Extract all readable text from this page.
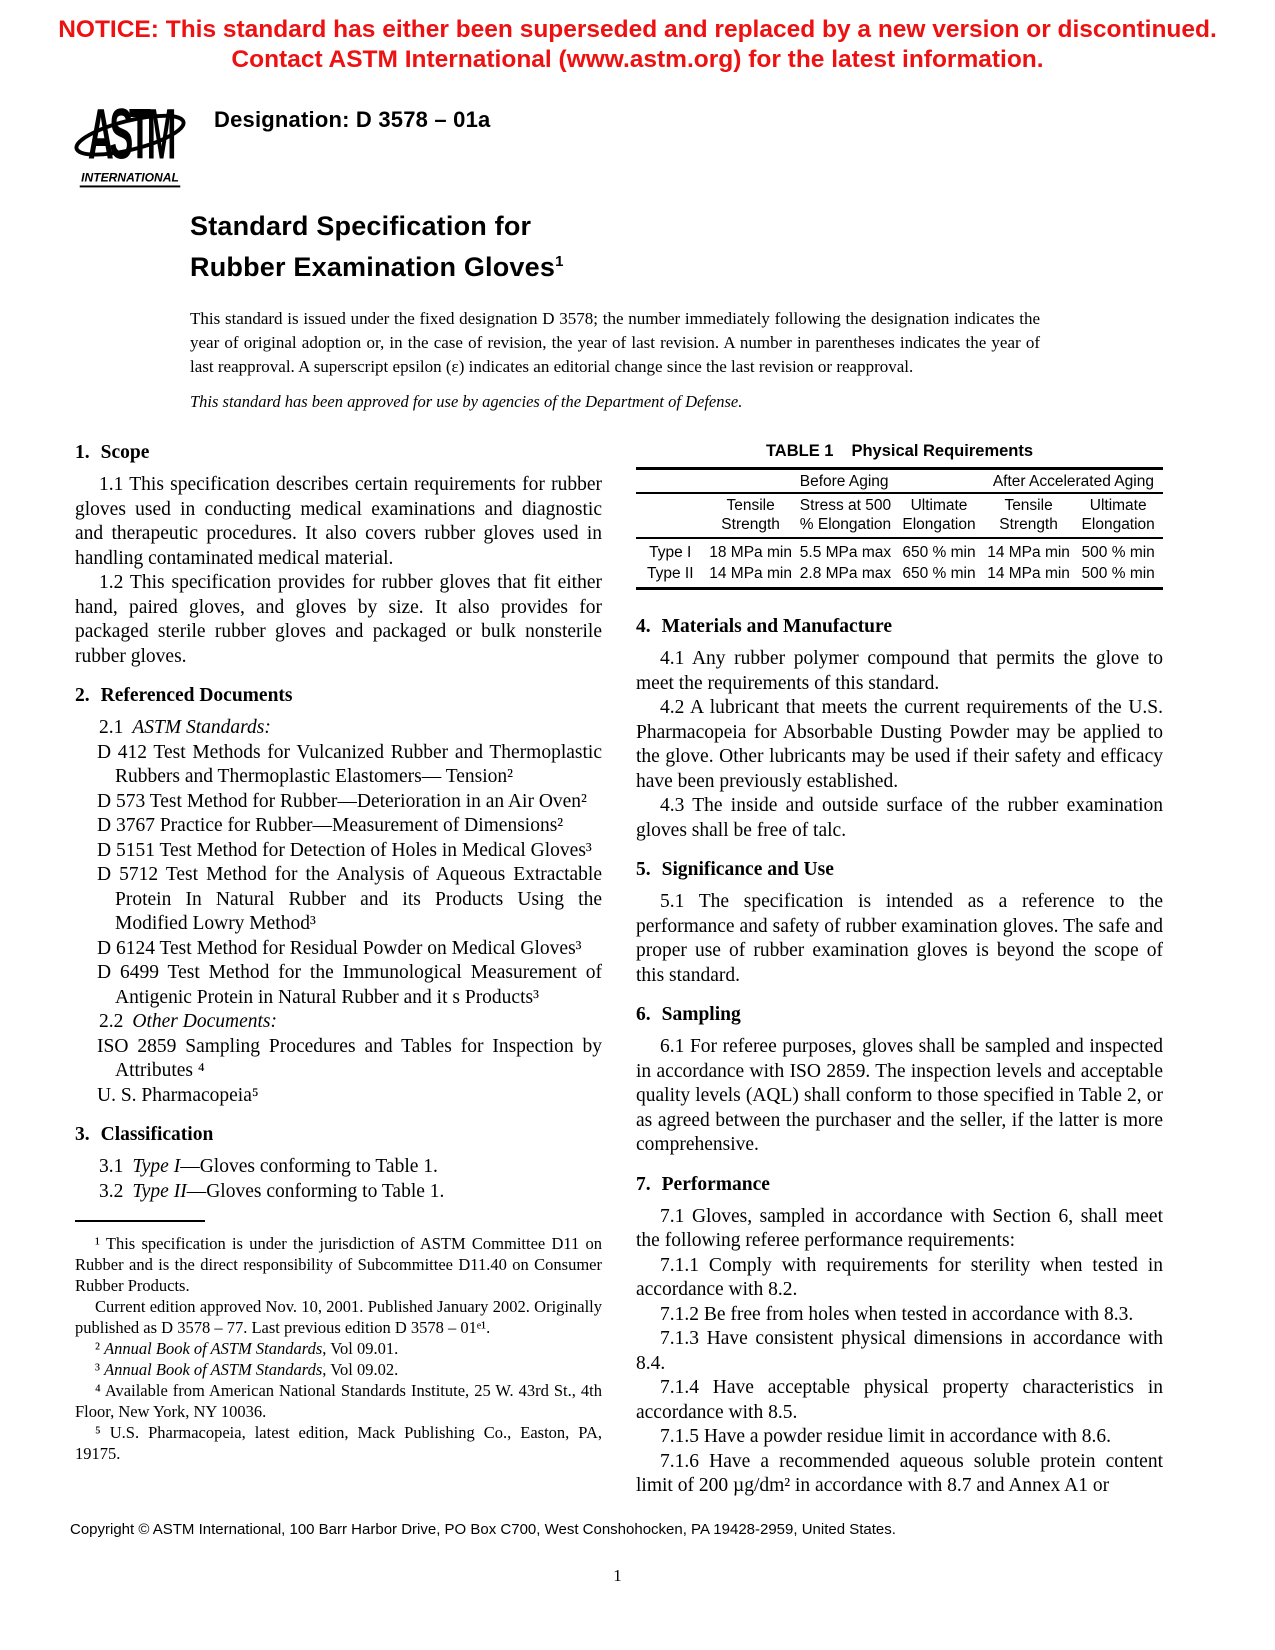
NOTICE: This standard has either been superseded and replaced by a new version or discontinued.
Contact ASTM International (www.astm.org) for the latest information.
ASTM
INTERNATIONAL
Designation: D 3578 – 01a
Standard Specification for
Rubber Examination Gloves$^1$
This standard is issued under the fixed designation D 3578; the number immediately following the designation indicates the year of original adoption or, in the case of revision, the year of last revision. A number in parentheses indicates the year of last reapproval. A superscript epsilon (ε) indicates an editorial change since the last revision or reapproval.
This standard has been approved for use by agencies of the Department of Defense.
1. Scope

1.1 This specification describes certain requirements for rubber gloves used in conducting medical examinations and diagnostic and therapeutic procedures. It also covers rubber gloves used in handling contaminated medical material.

1.2 This specification provides for rubber gloves that fit either hand, paired gloves, and gloves by size. It also provides for packaged sterile rubber gloves and packaged or bulk nonsterile rubber gloves.

2. Referenced Documents

2.1 ASTM Standards:

D 412 Test Methods for Vulcanized Rubber and Thermoplastic Rubbers and Thermoplastic Elastomers— Tension²

D 573 Test Method for Rubber—Deterioration in an Air Oven²

D 3767 Practice for Rubber—Measurement of Dimensions²

D 5151 Test Method for Detection of Holes in Medical Gloves³

D 5712 Test Method for the Analysis of Aqueous Extractable Protein In Natural Rubber and its Products Using the Modified Lowry Method³

D 6124 Test Method for Residual Powder on Medical Gloves³

D 6499 Test Method for the Immunological Measurement of Antigenic Protein in Natural Rubber and it s Products³

2.2 Other Documents:

ISO 2859 Sampling Procedures and Tables for Inspection by Attributes ⁴

U. S. Pharmacopeia⁵

3. Classification

3.1 Type I—Gloves conforming to Table 1.

3.2 Type II—Gloves conforming to Table 1.

¹ This specification is under the jurisdiction of ASTM Committee D11 on Rubber and is the direct responsibility of Subcommittee D11.40 on Consumer Rubber Products.

Current edition approved Nov. 10, 2001. Published January 2002. Originally published as D 3578 – 77. Last previous edition D 3578 – 01ᵉ¹.

² Annual Book of ASTM Standards, Vol 09.01.

³ Annual Book of ASTM Standards, Vol 09.02.

⁴ Available from American National Standards Institute, 25 W. 43rd St., 4th Floor, New York, NY 10036.

⁵ U.S. Pharmacopeia, latest edition, Mack Publishing Co., Easton, PA, 19175.

TABLE 1 Physical Requirements
	Before Aging			After Accelerated Aging	
	Tensile Strength	Stress at 500 % Elongation	Ultimate Elongation	Tensile Strength	Ultimate Elongation
Type I	18 MPa min	5.5 MPa max	650 % min	14 MPa min	500 % min
Type II	14 MPa min	2.8 MPa max	650 % min	14 MPa min	500 % min
4. Materials and Manufacture

4.1 Any rubber polymer compound that permits the glove to meet the requirements of this standard.

4.2 A lubricant that meets the current requirements of the U.S. Pharmacopeia for Absorbable Dusting Powder may be applied to the glove. Other lubricants may be used if their safety and efficacy have been previously established.

4.3 The inside and outside surface of the rubber examination gloves shall be free of talc.

5. Significance and Use

5.1 The specification is intended as a reference to the performance and safety of rubber examination gloves. The safe and proper use of rubber examination gloves is beyond the scope of this standard.

6. Sampling

6.1 For referee purposes, gloves shall be sampled and inspected in accordance with ISO 2859. The inspection levels and acceptable quality levels (AQL) shall conform to those specified in Table 2, or as agreed between the purchaser and the seller, if the latter is more comprehensive.

7. Performance

7.1 Gloves, sampled in accordance with Section 6, shall meet the following referee performance requirements:

7.1.1 Comply with requirements for sterility when tested in accordance with 8.2.

7.1.2 Be free from holes when tested in accordance with 8.3.

7.1.3 Have consistent physical dimensions in accordance with 8.4.

7.1.4 Have acceptable physical property characteristics in accordance with 8.5.

7.1.5 Have a powder residue limit in accordance with 8.6.

7.1.6 Have a recommended aqueous soluble protein content limit of 200 µg/dm² in accordance with 8.7 and Annex A1 or

Copyright © ASTM International, 100 Barr Harbor Drive, PO Box C700, West Conshohocken, PA 19428-2959, United States.
1
